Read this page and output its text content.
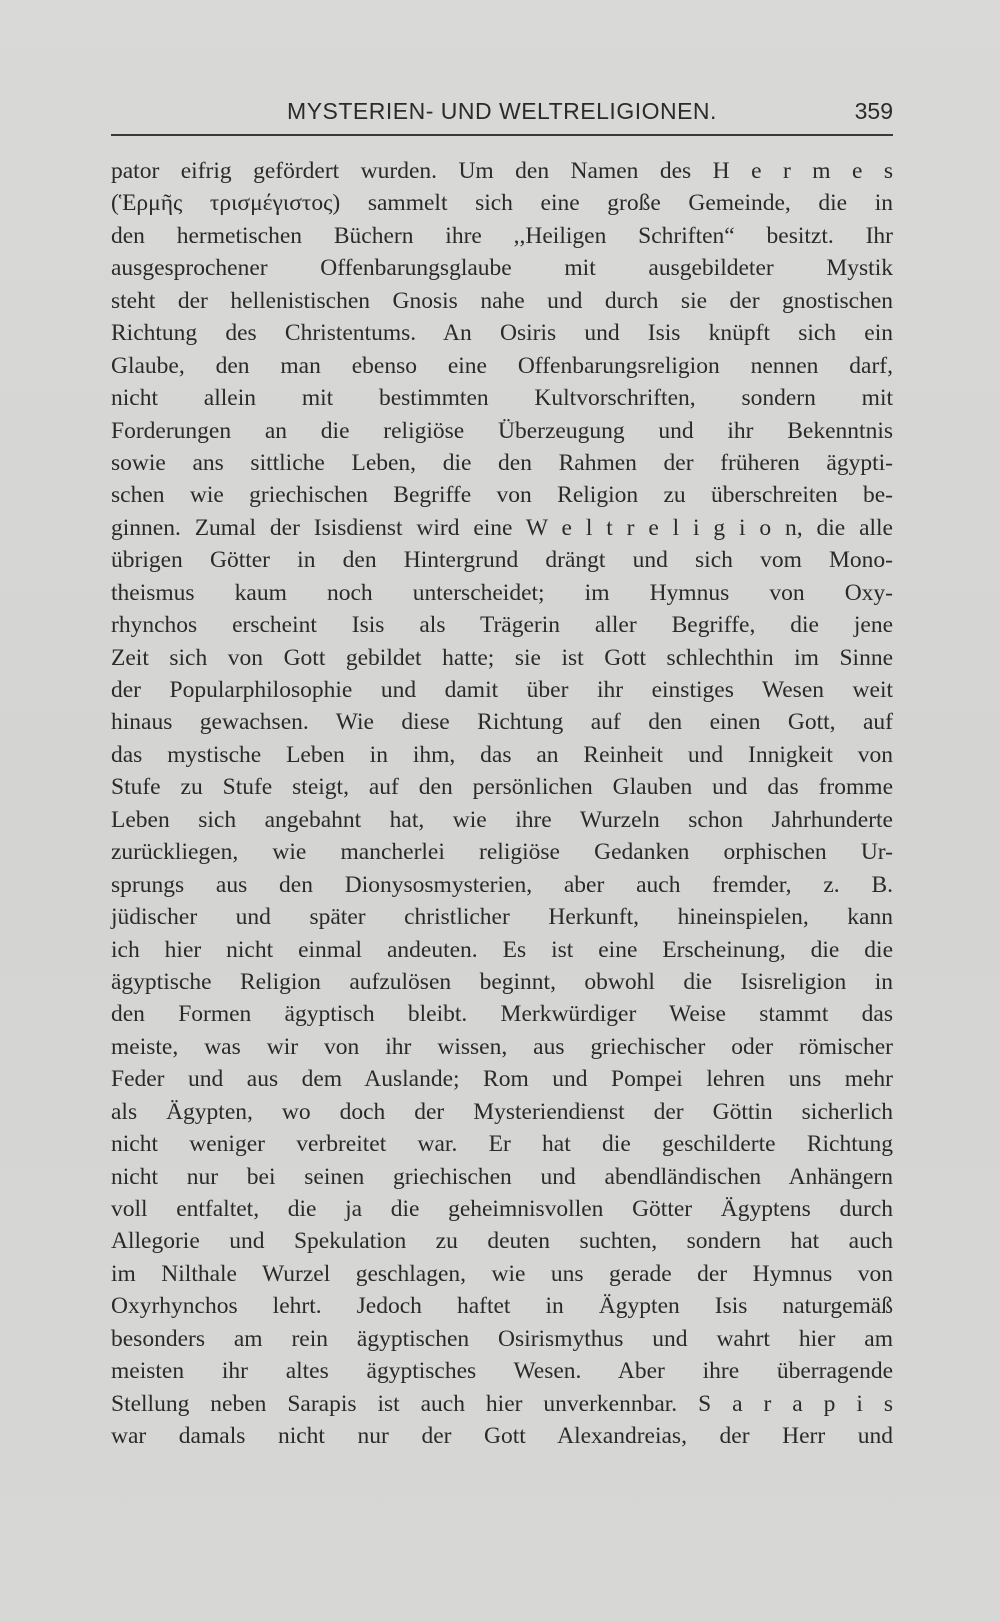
MYSTERIEN- UND WELTRELIGIONEN.	359
pator eifrig gefördert wurden. Um den Namen des H e r m e s
(Ἑρμῆς τρισμέγιστος) sammelt sich eine große Gemeinde, die in
den hermetischen Büchern ihre ,,Heiligen Schriften“ besitzt. Ihr
ausgesprochener Offenbarungsglaube mit ausgebildeter Mystik
steht der hellenistischen Gnosis nahe und durch sie der gnostischen
Richtung des Christentums. An Osiris und Isis knüpft sich ein
Glaube, den man ebenso eine Offenbarungsreligion nennen darf,
nicht allein mit bestimmten Kultvorschriften, sondern mit
Forderungen an die religiöse Überzeugung und ihr Bekenntnis
sowie ans sittliche Leben, die den Rahmen der früheren ägypti-
schen wie griechischen Begriffe von Religion zu überschreiten be-
ginnen. Zumal der Isisdienst wird eine W e l t r e l i g i o n, die alle
übrigen Götter in den Hintergrund drängt und sich vom Mono-
theismus kaum noch unterscheidet; im Hymnus von Oxy-
rhynchos erscheint Isis als Trägerin aller Begriffe, die jene
Zeit sich von Gott gebildet hatte; sie ist Gott schlechthin im Sinne
der Popularphilosophie und damit über ihr einstiges Wesen weit
hinaus gewachsen. Wie diese Richtung auf den einen Gott, auf
das mystische Leben in ihm, das an Reinheit und Innigkeit von
Stufe zu Stufe steigt, auf den persönlichen Glauben und das fromme
Leben sich angebahnt hat, wie ihre Wurzeln schon Jahrhunderte
zurückliegen, wie mancherlei religiöse Gedanken orphischen Ur-
sprungs aus den Dionysosmysterien, aber auch fremder, z. B.
jüdischer und später christlicher Herkunft, hineinspielen, kann
ich hier nicht einmal andeuten. Es ist eine Erscheinung, die die
ägyptische Religion aufzulösen beginnt, obwohl die Isisreligion in
den Formen ägyptisch bleibt. Merkwürdiger Weise stammt das
meiste, was wir von ihr wissen, aus griechischer oder römischer
Feder und aus dem Auslande; Rom und Pompei lehren uns mehr
als Ägypten, wo doch der Mysteriendienst der Göttin sicherlich
nicht weniger verbreitet war. Er hat die geschilderte Richtung
nicht nur bei seinen griechischen und abendländischen Anhängern
voll entfaltet, die ja die geheimnisvollen Götter Ägyptens durch
Allegorie und Spekulation zu deuten suchten, sondern hat auch
im Nilthale Wurzel geschlagen, wie uns gerade der Hymnus von
Oxyrhynchos lehrt. Jedoch haftet in Ägypten Isis naturgemäß
besonders am rein ägyptischen Osirismythus und wahrt hier am
meisten ihr altes ägyptisches Wesen. Aber ihre überragende
Stellung neben Sarapis ist auch hier unverkennbar. S a r a p i s
war damals nicht nur der Gott Alexandreias, der Herr und
